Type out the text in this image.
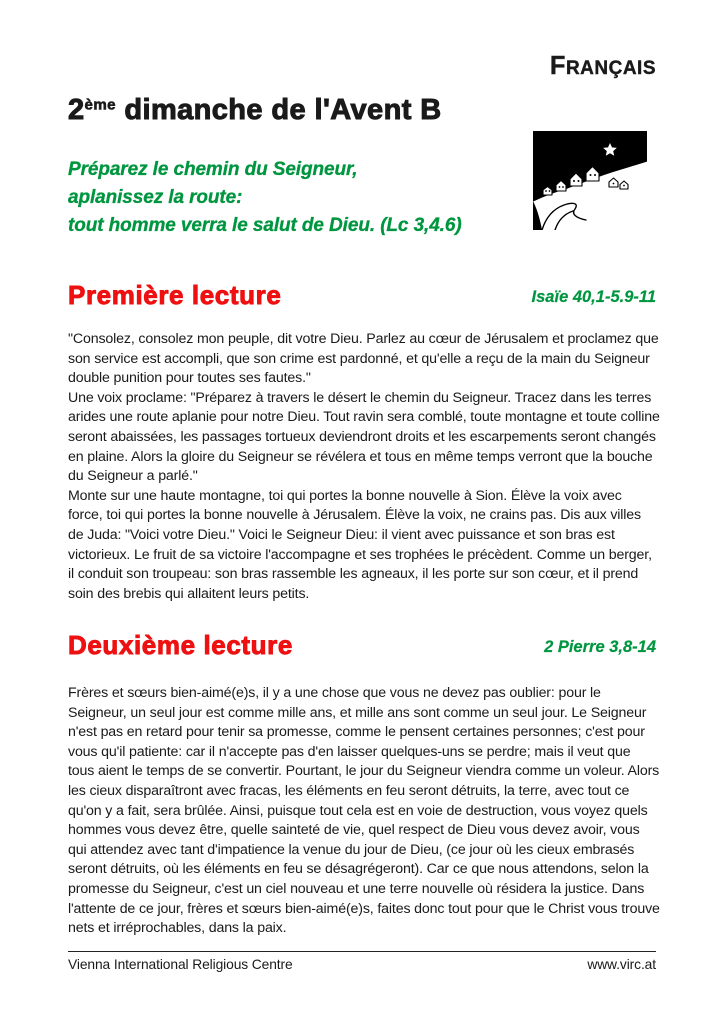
FRANÇAIS
2ème dimanche de l'Avent B
Préparez le chemin du Seigneur,
aplanissez la route:
tout homme verra le salut de Dieu. (Lc 3,4.6)
Première lecture	Isaïe 40,1-5.9-11

"Consolez, consolez mon peuple, dit votre Dieu. Parlez au cœur de Jérusalem et proclamez que son service est accompli, que son crime est pardonné, et qu'elle a reçu de la main du Seigneur double punition pour toutes ses fautes."

Une voix proclame: "Préparez à travers le désert le chemin du Seigneur. Tracez dans les terres arides une route aplanie pour notre Dieu. Tout ravin sera comblé, toute montagne et toute colline seront abaissées, les passages tortueux deviendront droits et les escarpements seront changés en plaine. Alors la gloire du Seigneur se révélera et tous en même temps verront que la bouche du Seigneur a parlé."

Monte sur une haute montagne, toi qui portes la bonne nouvelle à Sion. Élève la voix avec force, toi qui portes la bonne nouvelle à Jérusalem. Élève la voix, ne crains pas. Dis aux villes de Juda: "Voici votre Dieu." Voici le Seigneur Dieu: il vient avec puissance et son bras est victorieux. Le fruit de sa victoire l'accompagne et ses trophées le précèdent. Comme un berger, il conduit son troupeau: son bras rassemble les agneaux, il les porte sur son cœur, et il prend soin des brebis qui allaitent leurs petits.

Deuxième lecture	2 Pierre 3,8-14

Frères et sœurs bien-aimé(e)s, il y a une chose que vous ne devez pas oublier: pour le Seigneur, un seul jour est comme mille ans, et mille ans sont comme un seul jour. Le Seigneur n'est pas en retard pour tenir sa promesse, comme le pensent certaines personnes; c'est pour vous qu'il patiente: car il n'accepte pas d'en laisser quelques-uns se perdre; mais il veut que tous aient le temps de se convertir. Pourtant, le jour du Seigneur viendra comme un voleur. Alors les cieux disparaîtront avec fracas, les éléments en feu seront détruits, la terre, avec tout ce qu'on y a fait, sera brûlée. Ainsi, puisque tout cela est en voie de destruction, vous voyez quels hommes vous devez être, quelle sainteté de vie, quel respect de Dieu vous devez avoir, vous qui attendez avec tant d'impatience la venue du jour de Dieu, (ce jour où les cieux embrasés seront détruits, où les éléments en feu se désagrégeront). Car ce que nous attendons, selon la promesse du Seigneur, c'est un ciel nouveau et une terre nouvelle où résidera la justice. Dans l'attente de ce jour, frères et sœurs bien-aimé(e)s, faites donc tout pour que le Christ vous trouve nets et irréprochables, dans la paix.

Vienna International Religious Centre	www.virc.at
